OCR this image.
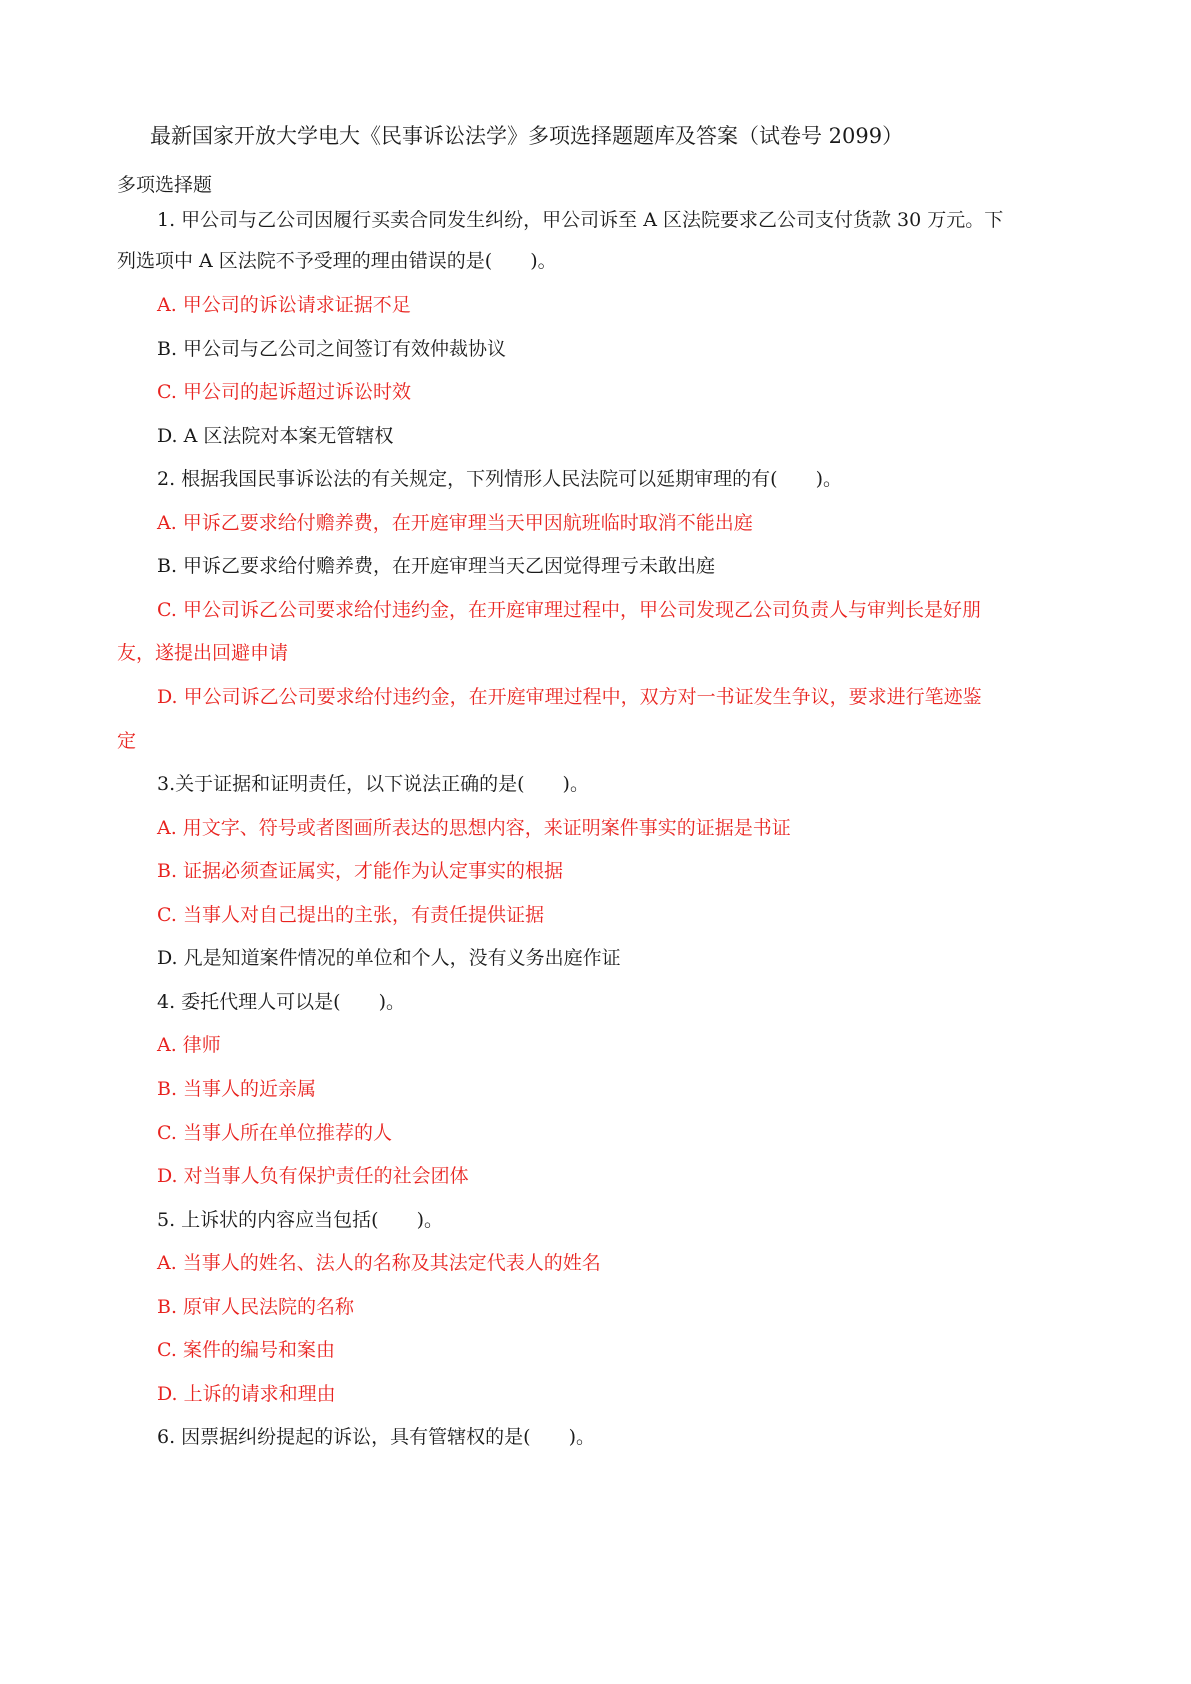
最新国家开放大学电大《民事诉讼法学》多项选择题题库及答案（试卷号 2099）
多项选择题
1. 甲公司与乙公司因履行买卖合同发生纠纷，甲公司诉至 A 区法院要求乙公司支付货款 30 万元。下
列选项中 A 区法院不予受理的理由错误的是(　　)。
A. 甲公司的诉讼请求证据不足
B. 甲公司与乙公司之间签订有效仲裁协议
C. 甲公司的起诉超过诉讼时效
D. A 区法院对本案无管辖权
2. 根据我国民事诉讼法的有关规定，下列情形人民法院可以延期审理的有(　　)。
A. 甲诉乙要求给付赡养费，在开庭审理当天甲因航班临时取消不能出庭
B. 甲诉乙要求给付赡养费，在开庭审理当天乙因觉得理亏未敢出庭
C. 甲公司诉乙公司要求给付违约金，在开庭审理过程中，甲公司发现乙公司负责人与审判长是好朋
友，遂提出回避申请
D. 甲公司诉乙公司要求给付违约金，在开庭审理过程中，双方对一书证发生争议，要求进行笔迹鉴
定
3.关于证据和证明责任，以下说法正确的是(　　)。
A. 用文字、符号或者图画所表达的思想内容，来证明案件事实的证据是书证
B. 证据必须查证属实，才能作为认定事实的根据
C. 当事人对自己提出的主张，有责任提供证据
D. 凡是知道案件情况的单位和个人，没有义务出庭作证
4. 委托代理人可以是(　　)。
A. 律师
B. 当事人的近亲属
C. 当事人所在单位推荐的人
D. 对当事人负有保护责任的社会团体
5. 上诉状的内容应当包括(　　)。
A. 当事人的姓名、法人的名称及其法定代表人的姓名
B. 原审人民法院的名称
C. 案件的编号和案由
D. 上诉的请求和理由
6. 因票据纠纷提起的诉讼，具有管辖权的是(　　)。
